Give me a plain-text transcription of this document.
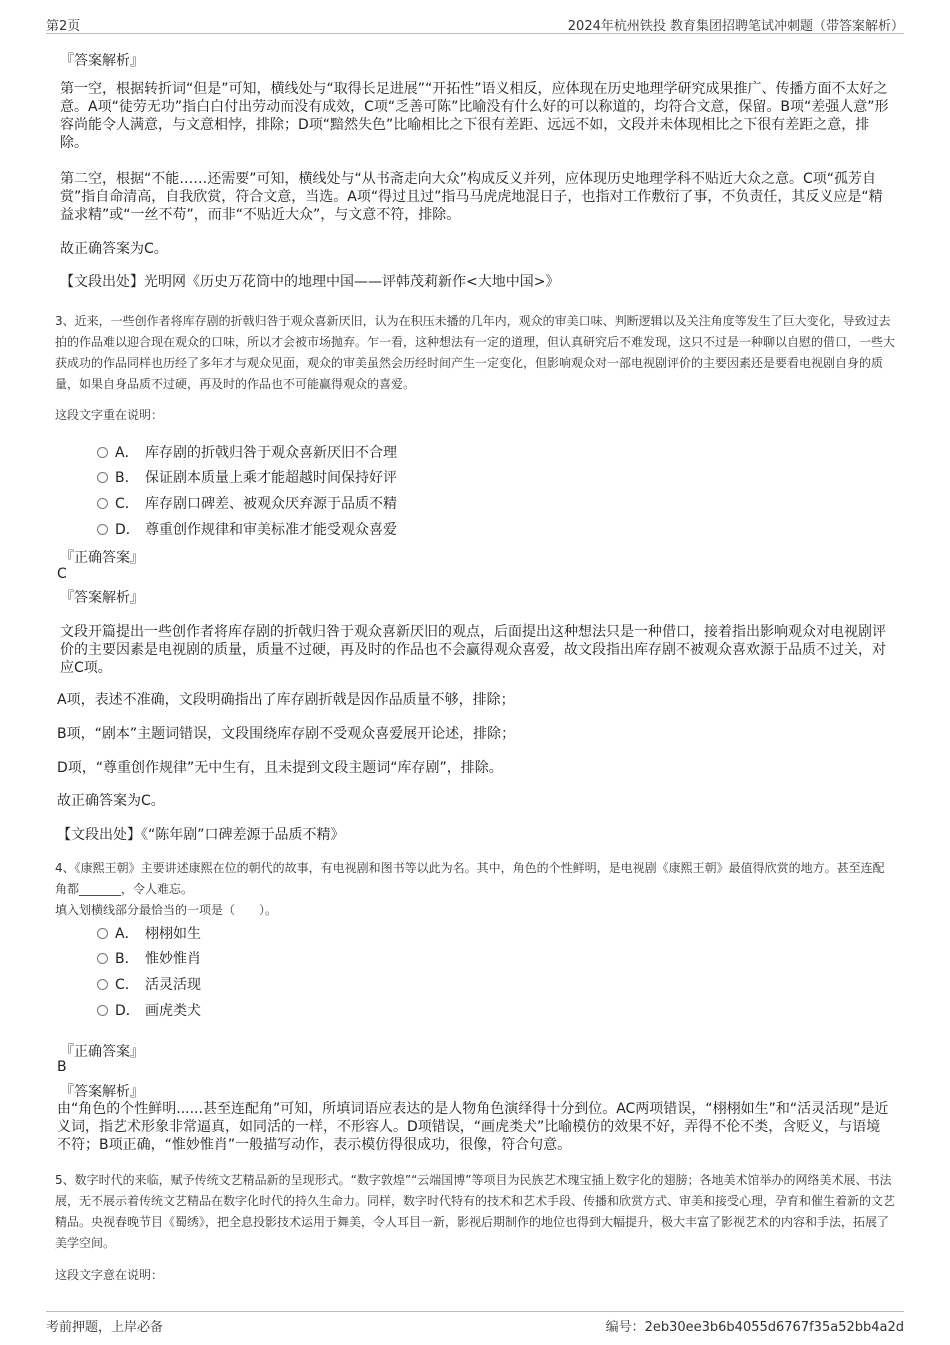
第2页	2024年杭州铁投 教育集团招聘笔试冲刺题（带答案解析）
『答案解析』
第一空，根据转折词“但是”可知，横线处与“取得长足进展”“开拓性”语义相反，应体现在历史地理学研究成果推广、传播方面不太好之意。A项“徒劳无功”指白白付出劳动而没有成效，C项“乏善可陈”比喻没有什么好的可以称道的，均符合文意，保留。B项“差强人意”形容尚能令人满意，与文意相悖，排除；D项“黯然失色”比喻相比之下很有差距、远远不如，文段并未体现相比之下很有差距之意，排除。
第二空，根据“不能……还需要”可知，横线处与“从书斋走向大众”构成反义并列，应体现历史地理学科不贴近大众之意。C项“孤芳自赏”指自命清高，自我欣赏，符合文意，当选。A项“得过且过”指马马虎虎地混日子，也指对工作敷衍了事，不负责任，其反义应是“精益求精”或“一丝不苟”，而非“不贴近大众”，与文意不符，排除。
故正确答案为C。
【文段出处】光明网《历史万花筒中的地理中国——评韩茂莉新作<大地中国>》
3、近来，一些创作者将库存剧的折戟归咎于观众喜新厌旧，认为在积压未播的几年内，观众的审美口味、判断逻辑以及关注角度等发生了巨大变化，导致过去拍的作品难以迎合现在观众的口味，所以才会被市场抛弃。乍一看，这种想法有一定的道理，但认真研究后不难发现，这只不过是一种聊以自慰的借口，一些大获成功的作品同样也历经了多年才与观众见面，观众的审美虽然会历经时间产生一定变化，但影响观众对一部电视剧评价的主要因素还是要看电视剧自身的质量，如果自身品质不过硬，再及时的作品也不可能赢得观众的喜爱。
这段文字重在说明：
A． 库存剧的折戟归咎于观众喜新厌旧不合理
B． 保证剧本质量上乘才能超越时间保持好评
C． 库存剧口碑差、被观众厌弃源于品质不精
D． 尊重创作规律和审美标准才能受观众喜爱
『正确答案』
C
『答案解析』
文段开篇提出一些创作者将库存剧的折戟归咎于观众喜新厌旧的观点，后面提出这种想法只是一种借口，接着指出影响观众对电视剧评价的主要因素是电视剧的质量，质量不过硬，再及时的作品也不会赢得观众喜爱，故文段指出库存剧不被观众喜欢源于品质不过关，对应C项。
A项，表述不准确，文段明确指出了库存剧折戟是因作品质量不够，排除；
B项，“剧本”主题词错误，文段围绕库存剧不受观众喜爱展开论述，排除；
D项，“尊重创作规律”无中生有，且未提到文段主题词“库存剧”，排除。
故正确答案为C。
【文段出处】《“陈年剧”口碑差源于品质不精》
4、《康熙王朝》主要讲述康熙在位的朝代的故事，有电视剧和图书等以此为名。其中，角色的个性鲜明，是电视剧《康熙王朝》最值得欣赏的地方。甚至连配角都_______，令人难忘。
填入划横线部分最恰当的一项是（　　）。
A． 栩栩如生
B． 惟妙惟肖
C． 活灵活现
D． 画虎类犬
『正确答案』
B
『答案解析』
由“角色的个性鲜明......甚至连配角”可知，所填词语应表达的是人物角色演绎得十分到位。AC两项错误，“栩栩如生”和“活灵活现”是近义词，指艺术形象非常逼真，如同活的一样，不形容人。D项错误，“画虎类犬”比喻模仿的效果不好，弄得不伦不类，含贬义，与语境不符；B项正确，“惟妙惟肖”一般描写动作，表示模仿得很成功，很像，符合句意。
5、数字时代的来临，赋予传统文艺精品新的呈现形式。“数字敦煌”“云端国博”等项目为民族艺术瑰宝插上数字化的翅膀；各地美术馆举办的网络美术展、书法展，无不展示着传统文艺精品在数字化时代的持久生命力。同样，数字时代特有的技术和艺术手段、传播和欣赏方式、审美和接受心理，孕育和催生着新的文艺精品。央视春晚节目《蜀绣》，把全息投影技术运用于舞美，令人耳目一新，影视后期制作的地位也得到大幅提升，极大丰富了影视艺术的内容和手法，拓展了美学空间。
这段文字意在说明：
考前押题，上岸必备	编号：2eb30ee3b6b4055d6767f35a52bb4a2d
